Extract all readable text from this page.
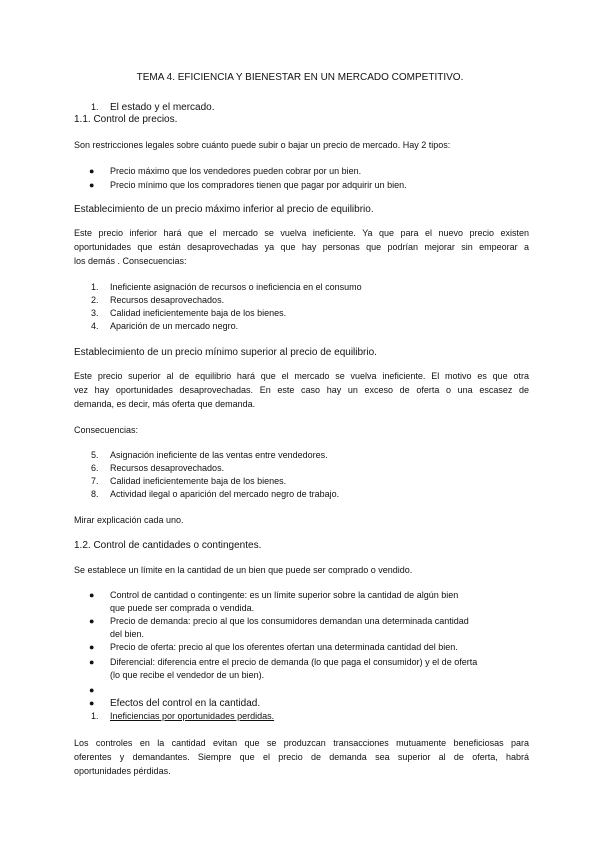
TEMA 4. EFICIENCIA Y BIENESTAR EN UN MERCADO COMPETITIVO.
1. El estado y el mercado.
1.1. Control de precios.
Son restricciones legales sobre cuánto puede subir o bajar un precio de mercado. Hay 2 tipos:
● Precio máximo que los vendedores pueden cobrar por un bien.
● Precio mínimo que los compradores tienen que pagar por adquirir un bien.
Establecimiento de un precio máximo inferior al precio de equilibrio.
Este precio inferior hará que el mercado se vuelva ineficiente. Ya que para el nuevo precio existen
oportunidades que están desaprovechadas ya que hay personas que podrían mejorar sin empeorar a
los demás . Consecuencias:
1. Ineficiente asignación de recursos o ineficiencia en el consumo
2. Recursos desaprovechados.
3. Calidad ineficientemente baja de los bienes.
4. Aparición de un mercado negro.
Establecimiento de un precio mínimo superior al precio de equilibrio.
Este precio superior al de equilibrio hará que el mercado se vuelva ineficiente. El motivo es que otra
vez hay oportunidades desaprovechadas. En este caso hay un exceso de oferta o una escasez de
demanda, es decir, más oferta que demanda.
Consecuencias:
5. Asignación ineficiente de las ventas entre vendedores.
6. Recursos desaprovechados.
7. Calidad ineficientemente baja de los bienes.
8. Actividad ilegal o aparición del mercado negro de trabajo.
Mirar explicación cada uno.
1.2. Control de cantidades o contingentes.
Se establece un límite en la cantidad de un bien que puede ser comprado o vendido.
● Control de cantidad o contingente: es un límite superior sobre la cantidad de algún bien
que puede ser comprada o vendida.
● Precio de demanda: precio al que los consumidores demandan una determinada cantidad
del bien.
● Precio de oferta: precio al que los oferentes ofertan una determinada cantidad del bien.
● Diferencial: diferencia entre el precio de demanda (lo que paga el consumidor) y el de oferta
(lo que recibe el vendedor de un bien).
●
● Efectos del control en la cantidad.
1. Ineficiencias por oportunidades perdidas.
Los controles en la cantidad evitan que se produzcan transacciones mutuamente beneficiosas para
oferentes y demandantes. Siempre que el precio de demanda sea superior al de oferta, habrá
oportunidades pérdidas.
